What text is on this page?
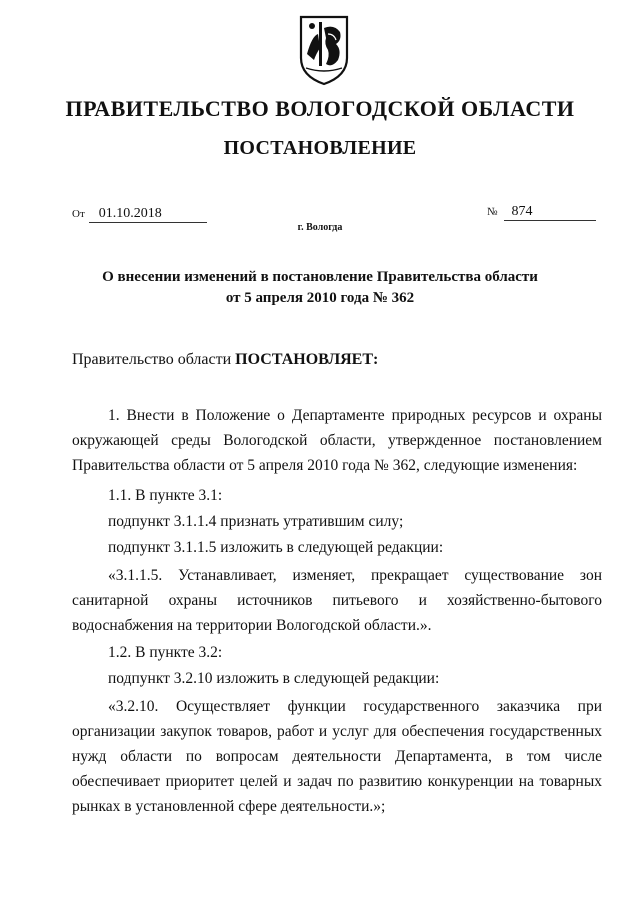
ПРАВИТЕЛЬСТВО ВОЛОГОДСКОЙ ОБЛАСТИ
ПОСТАНОВЛЕНИЕ
От 01.10.2018	№ 874
г. Вологда
О внесении изменений в постановление Правительства области
от 5 апреля 2010 года № 362
Правительство области ПОСТАНОВЛЯЕТ:
1. Внести в Положение о Департаменте природных ресурсов и охраны окружающей среды Вологодской области, утвержденное постановлением Правительства области от 5 апреля 2010 года № 362, следующие изменения:
1.1. В пункте 3.1:
подпункт 3.1.1.4 признать утратившим силу;
подпункт 3.1.1.5 изложить в следующей редакции:
«3.1.1.5. Устанавливает, изменяет, прекращает существование зон санитарной охраны источников питьевого и хозяйственно-бытового водоснабжения на территории Вологодской области.».
1.2. В пункте 3.2:
подпункт 3.2.10 изложить в следующей редакции:
«3.2.10. Осуществляет функции государственного заказчика при организации закупок товаров, работ и услуг для обеспечения государственных нужд области по вопросам деятельности Департамента, в том числе обеспечивает приоритет целей и задач по развитию конкуренции на товарных рынках в установленной сфере деятельности.»;
